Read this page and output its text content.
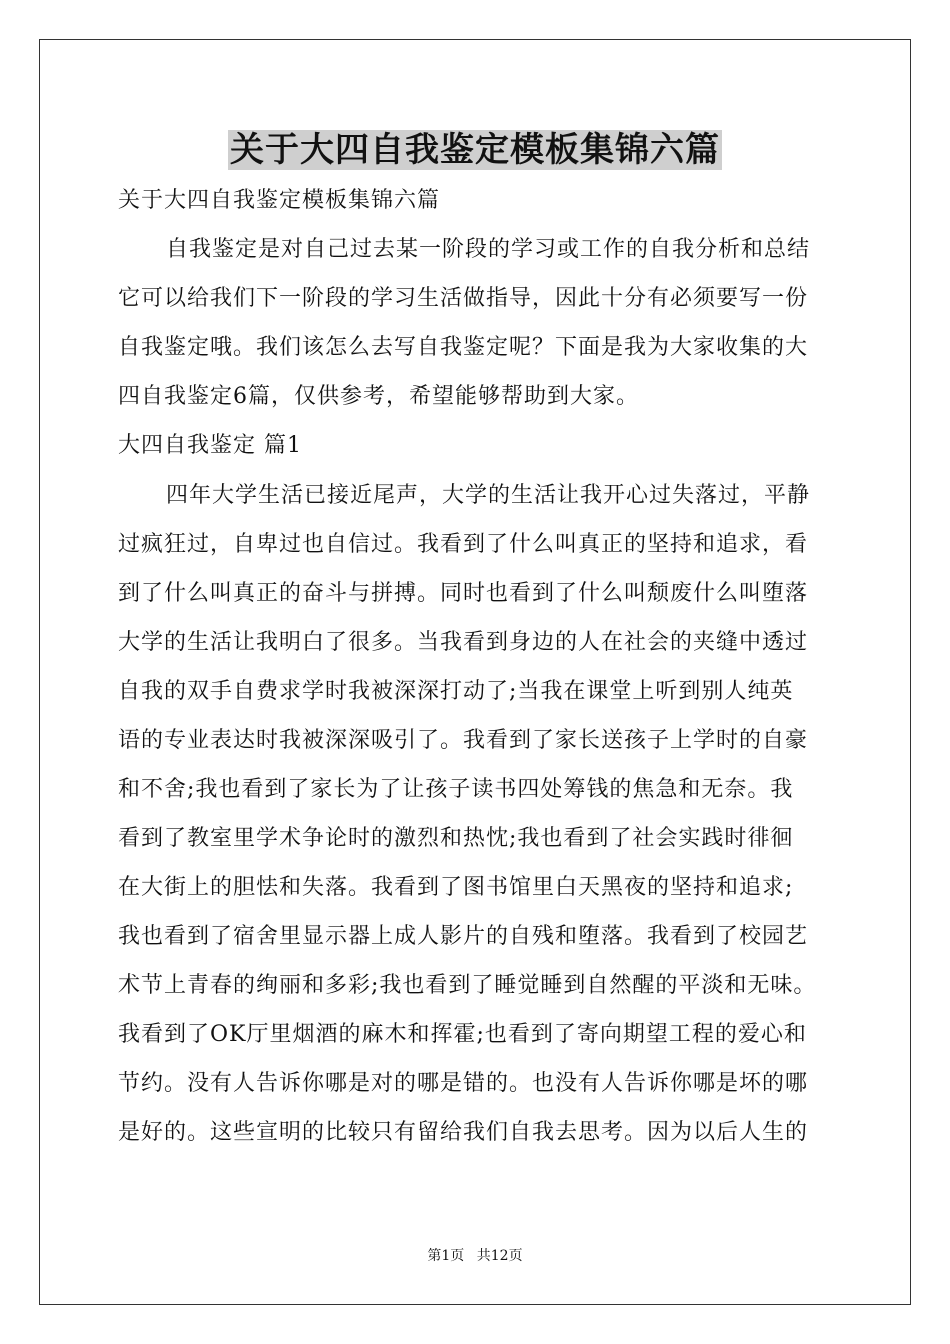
关于大四自我鉴定模板集锦六篇
关于大四自我鉴定模板集锦六篇
自我鉴定是对自己过去某一阶段的学习或工作的自我分析和总结
它可以给我们下一阶段的学习生活做指导，因此十分有必须要写一份
自我鉴定哦。我们该怎么去写自我鉴定呢？下面是我为大家收集的大
四自我鉴定6篇，仅供参考，希望能够帮助到大家。
大四自我鉴定 篇1
四年大学生活已接近尾声，大学的生活让我开心过失落过，平静
过疯狂过，自卑过也自信过。我看到了什么叫真正的坚持和追求，看
到了什么叫真正的奋斗与拼搏。同时也看到了什么叫颓废什么叫堕落
大学的生活让我明白了很多。当我看到身边的人在社会的夹缝中透过
自我的双手自费求学时我被深深打动了;当我在课堂上听到别人纯英
语的专业表达时我被深深吸引了。我看到了家长送孩子上学时的自豪
和不舍;我也看到了家长为了让孩子读书四处筹钱的焦急和无奈。我
看到了教室里学术争论时的激烈和热忱;我也看到了社会实践时徘徊
在大街上的胆怯和失落。我看到了图书馆里白天黑夜的坚持和追求;
我也看到了宿舍里显示器上成人影片的自残和堕落。我看到了校园艺
术节上青春的绚丽和多彩;我也看到了睡觉睡到自然醒的平淡和无味。
我看到了OK厅里烟酒的麻木和挥霍;也看到了寄向期望工程的爱心和
节约。没有人告诉你哪是对的哪是错的。也没有人告诉你哪是坏的哪
是好的。这些宣明的比较只有留给我们自我去思考。因为以后人生的
第1页 共12页
